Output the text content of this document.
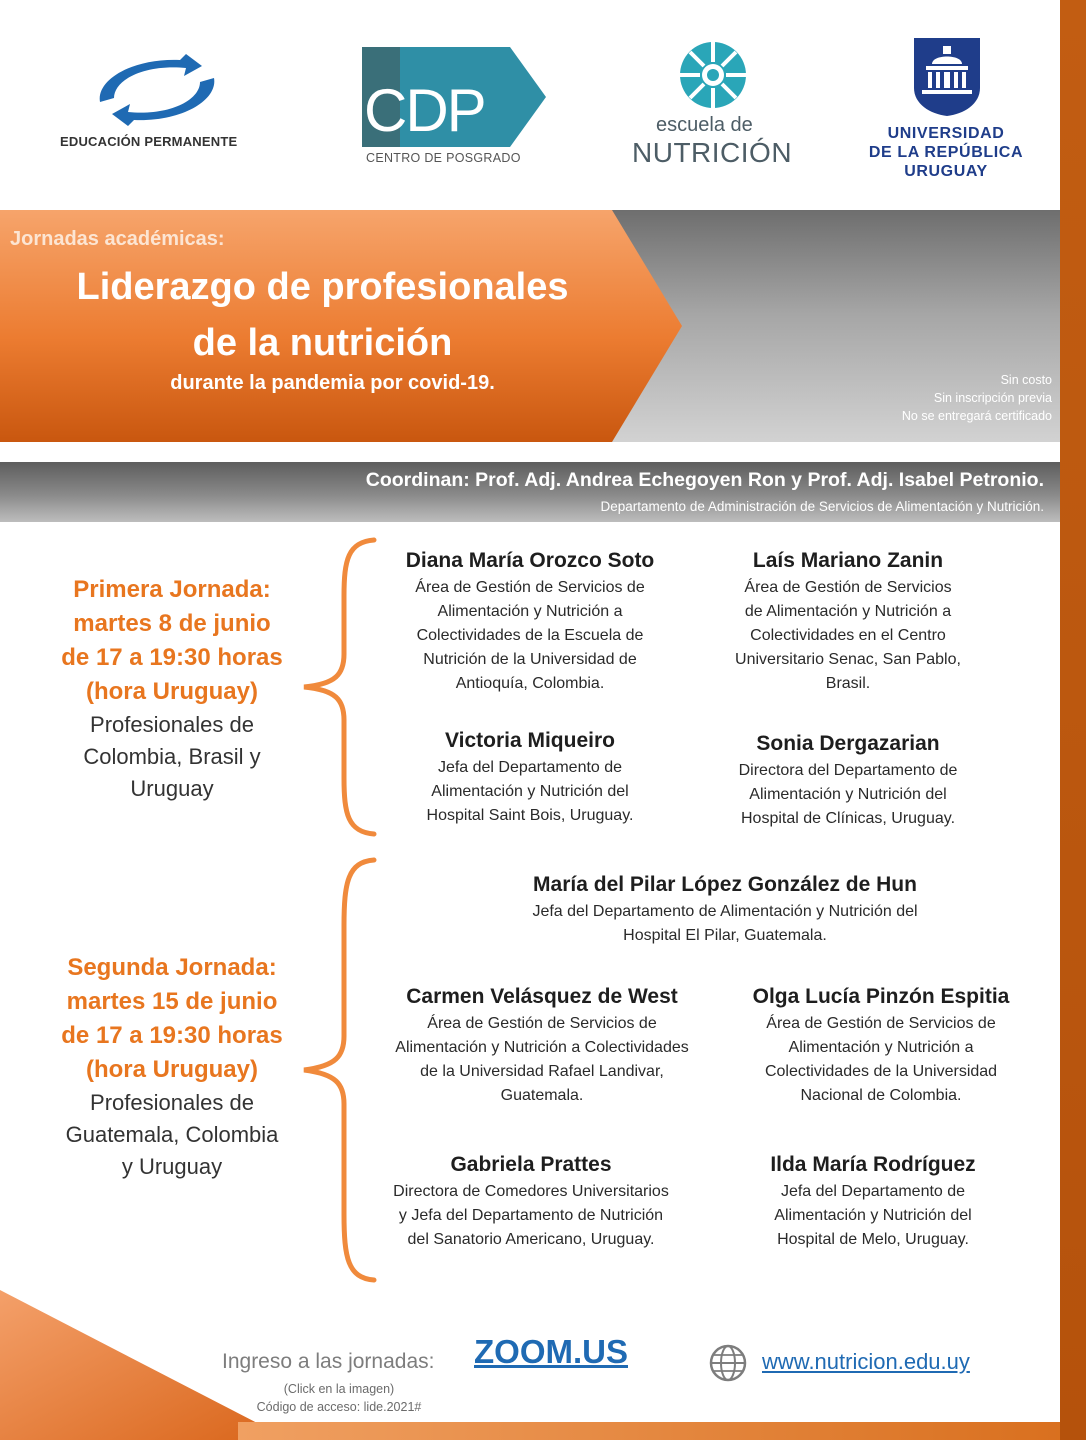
EDUCACIÓN PERMANENTE	CDP
CENTRO DE POSGRADO
escuela de
NUTRICIÓN
UNIVERSIDAD
DE LA REPÚBLICA
URUGUAY
Jornadas académicas:
Liderazgo de profesionales
de la nutrición
durante la pandemia por covid-19.	Sin costo
Sin inscripción previa
No se entregará certificado
Coordinan: Prof. Adj. Andrea Echegoyen Ron y Prof. Adj. Isabel Petronio.
Departamento de Administración de Servicios de Alimentación y Nutrición.
Primera Jornada:
martes 8 de junio
de 17 a 19:30 horas
(hora Uruguay)
Profesionales de
Colombia, Brasil y
Uruguay
Diana María Orozco Soto
Área de Gestión de Servicios de
Alimentación y Nutrición a
Colectividades de la Escuela de
Nutrición de la Universidad de
Antioquía, Colombia.
Laís Mariano Zanin
Área de Gestión de Servicios
de Alimentación y Nutrición a
Colectividades en el Centro
Universitario Senac, San Pablo,
Brasil.
Victoria Miqueiro
Jefa del Departamento de
Alimentación y Nutrición del
Hospital Saint Bois, Uruguay.
Sonia Dergazarian
Directora del Departamento de
Alimentación y Nutrición del
Hospital de Clínicas, Uruguay.
Segunda Jornada:
martes 15 de junio
de 17 a 19:30 horas
(hora Uruguay)
Profesionales de
Guatemala, Colombia
y Uruguay
María del Pilar López González de Hun
Jefa del Departamento de Alimentación y Nutrición del
Hospital El Pilar, Guatemala.
Carmen Velásquez de West
Área de Gestión de Servicios de
Alimentación y Nutrición a Colectividades
de la Universidad Rafael Landivar,
Guatemala.
Olga Lucía Pinzón Espitia
Área de Gestión de Servicios de
Alimentación y Nutrición a
Colectividades de la Universidad
Nacional de Colombia.
Gabriela Prattes
Directora de Comedores Universitarios
y Jefa del Departamento de Nutrición
del Sanatorio Americano, Uruguay.
Ilda María Rodríguez
Jefa del Departamento de
Alimentación y Nutrición del
Hospital de Melo, Uruguay.
Ingreso a las jornadas:
(Click en la imagen)
Código de acceso: lide.2021#
ZOOM.US	www.nutricion.edu.uy
